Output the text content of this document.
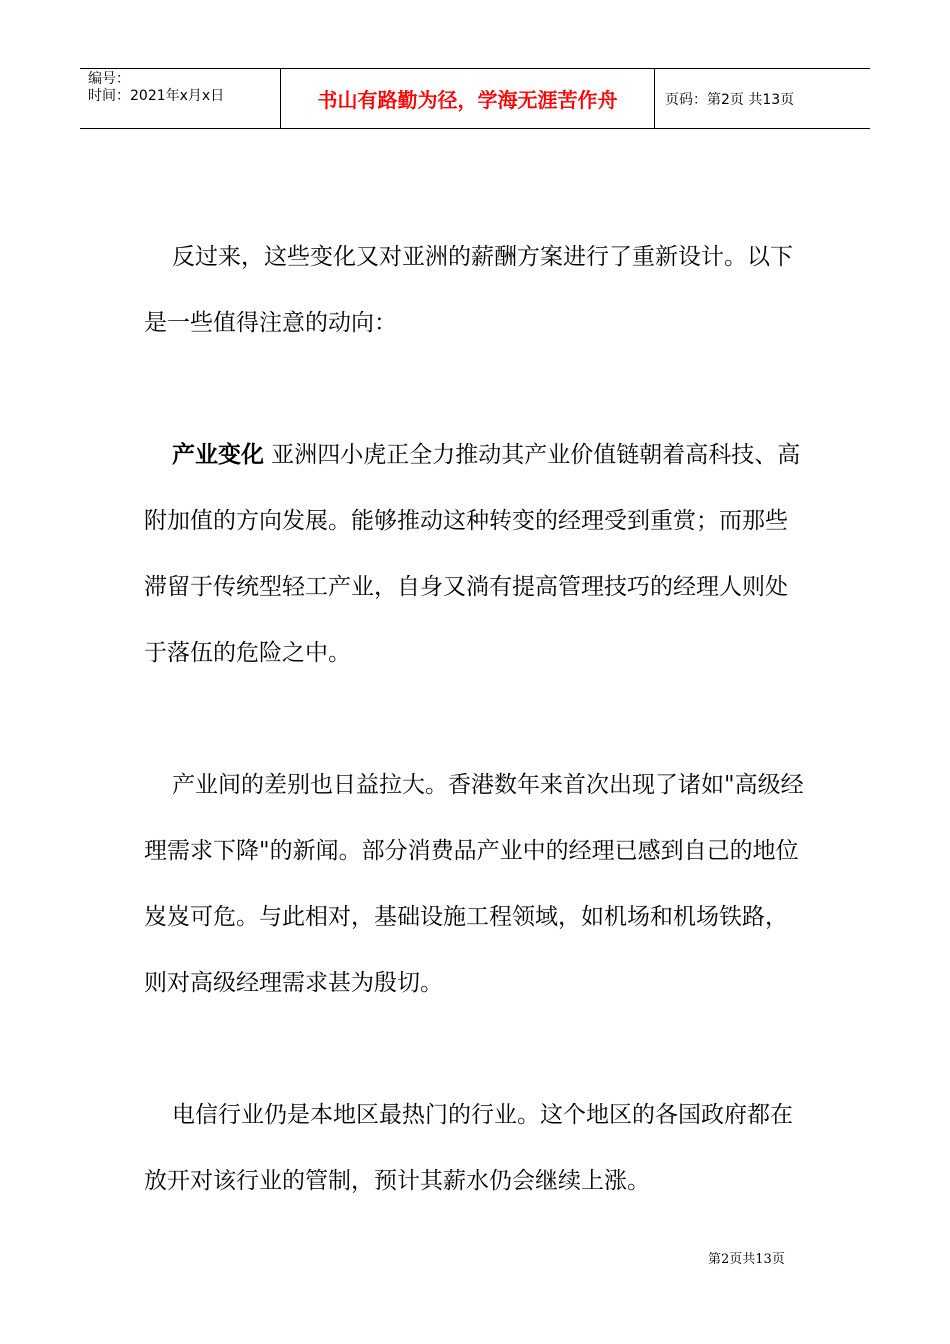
编号：
时间：2021年x月x日	书山有路勤为径，学海无涯苦作舟	页码：第2页 共13页

反过来，这些变化又对亚洲的薪酬方案进行了重新设计。以下是一些值得注意的动向：

产业变化 亚洲四小虎正全力推动其产业价值链朝着高科技、高附加值的方向发展。能够推动这种转变的经理受到重赏；而那些滞留于传统型轻工产业，自身又淌有提高管理技巧的经理人则处于落伍的危险之中。

产业间的差别也日益拉大。香港数年来首次出现了诸如"高级经理需求下降"的新闻。部分消费品产业中的经理已感到自己的地位岌岌可危。与此相对，基础设施工程领域，如机场和机场铁路，则对高级经理需求甚为殷切。

电信行业仍是本地区最热门的行业。这个地区的各国政府都在放开对该行业的管制，预计其薪水仍会继续上涨。

第2页共13页
